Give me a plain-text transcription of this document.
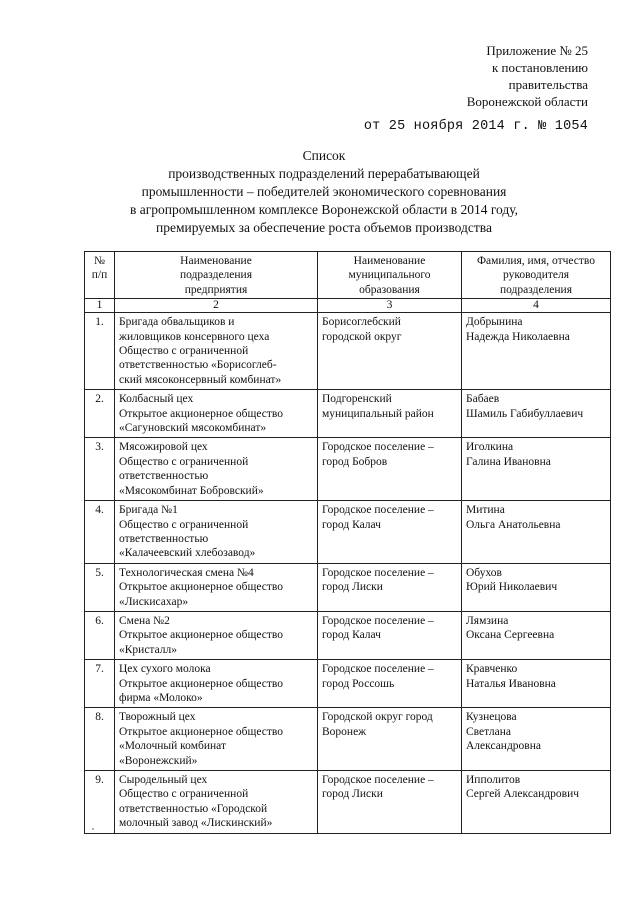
Приложение № 25
к постановлению
правительства
Воронежской области
от 25 ноября 2014 г. № 1054
Список
производственных подразделений перерабатывающей
промышленности – победителей экономического соревнования
в агропромышленном комплексе Воронежской области в 2014 году,
премируемых за обеспечение роста объемов производства
№
п/п	Наименование
подразделения
предприятия	Наименование
муниципального
образования	Фамилия, имя, отчество
руководителя
подразделения

1	2	3	4
1.	Бригада обвальщиков и
жиловщиков консервного цеха
Общество с ограниченной
ответственностью «Борисоглеб-
ский мясоконсервный комбинат»	Борисоглебский
городской округ	Добрынина
Надежда Николаевна

2.	Колбасный цех
Открытое акционерное общество
«Сагуновский мясокомбинат»	Подгоренский
муниципальный район	Бабаев
Шамиль Габибуллаевич

3.	Мясожировой цех
Общество с ограниченной
ответственностью
«Мясокомбинат Бобровский»	Городское поселение –
город Бобров	Иголкина
Галина Ивановна

4.	Бригада №1
Общество с ограниченной
ответственностью
«Калачеевский хлебозавод»	Городское поселение –
город Калач	Митина
Ольга Анатольевна

5.	Технологическая смена №4
Открытое акционерное общество
«Лискисахар»	Городское поселение –
город Лиски	Обухов
Юрий Николаевич

6.	Смена №2
Открытое акционерное общество
«Кристалл»	Городское поселение –
город Калач	Лямзина
Оксана Сергеевна

7.	Цех сухого молока
Открытое акционерное общество
фирма «Молоко»	Городское поселение –
город Россошь	Кравченко
Наталья Ивановна

8.	Творожный цех
Открытое акционерное общество
«Молочный комбинат
«Воронежский»	Городской округ город
Воронеж	Кузнецова
Светлана
Александровна

9.	Сыродельный цех
Общество с ограниченной
ответственностью «Городской
молочный завод «Лискинский»	Городское поселение –
город Лиски	Ипполитов
Сергей Александрович
